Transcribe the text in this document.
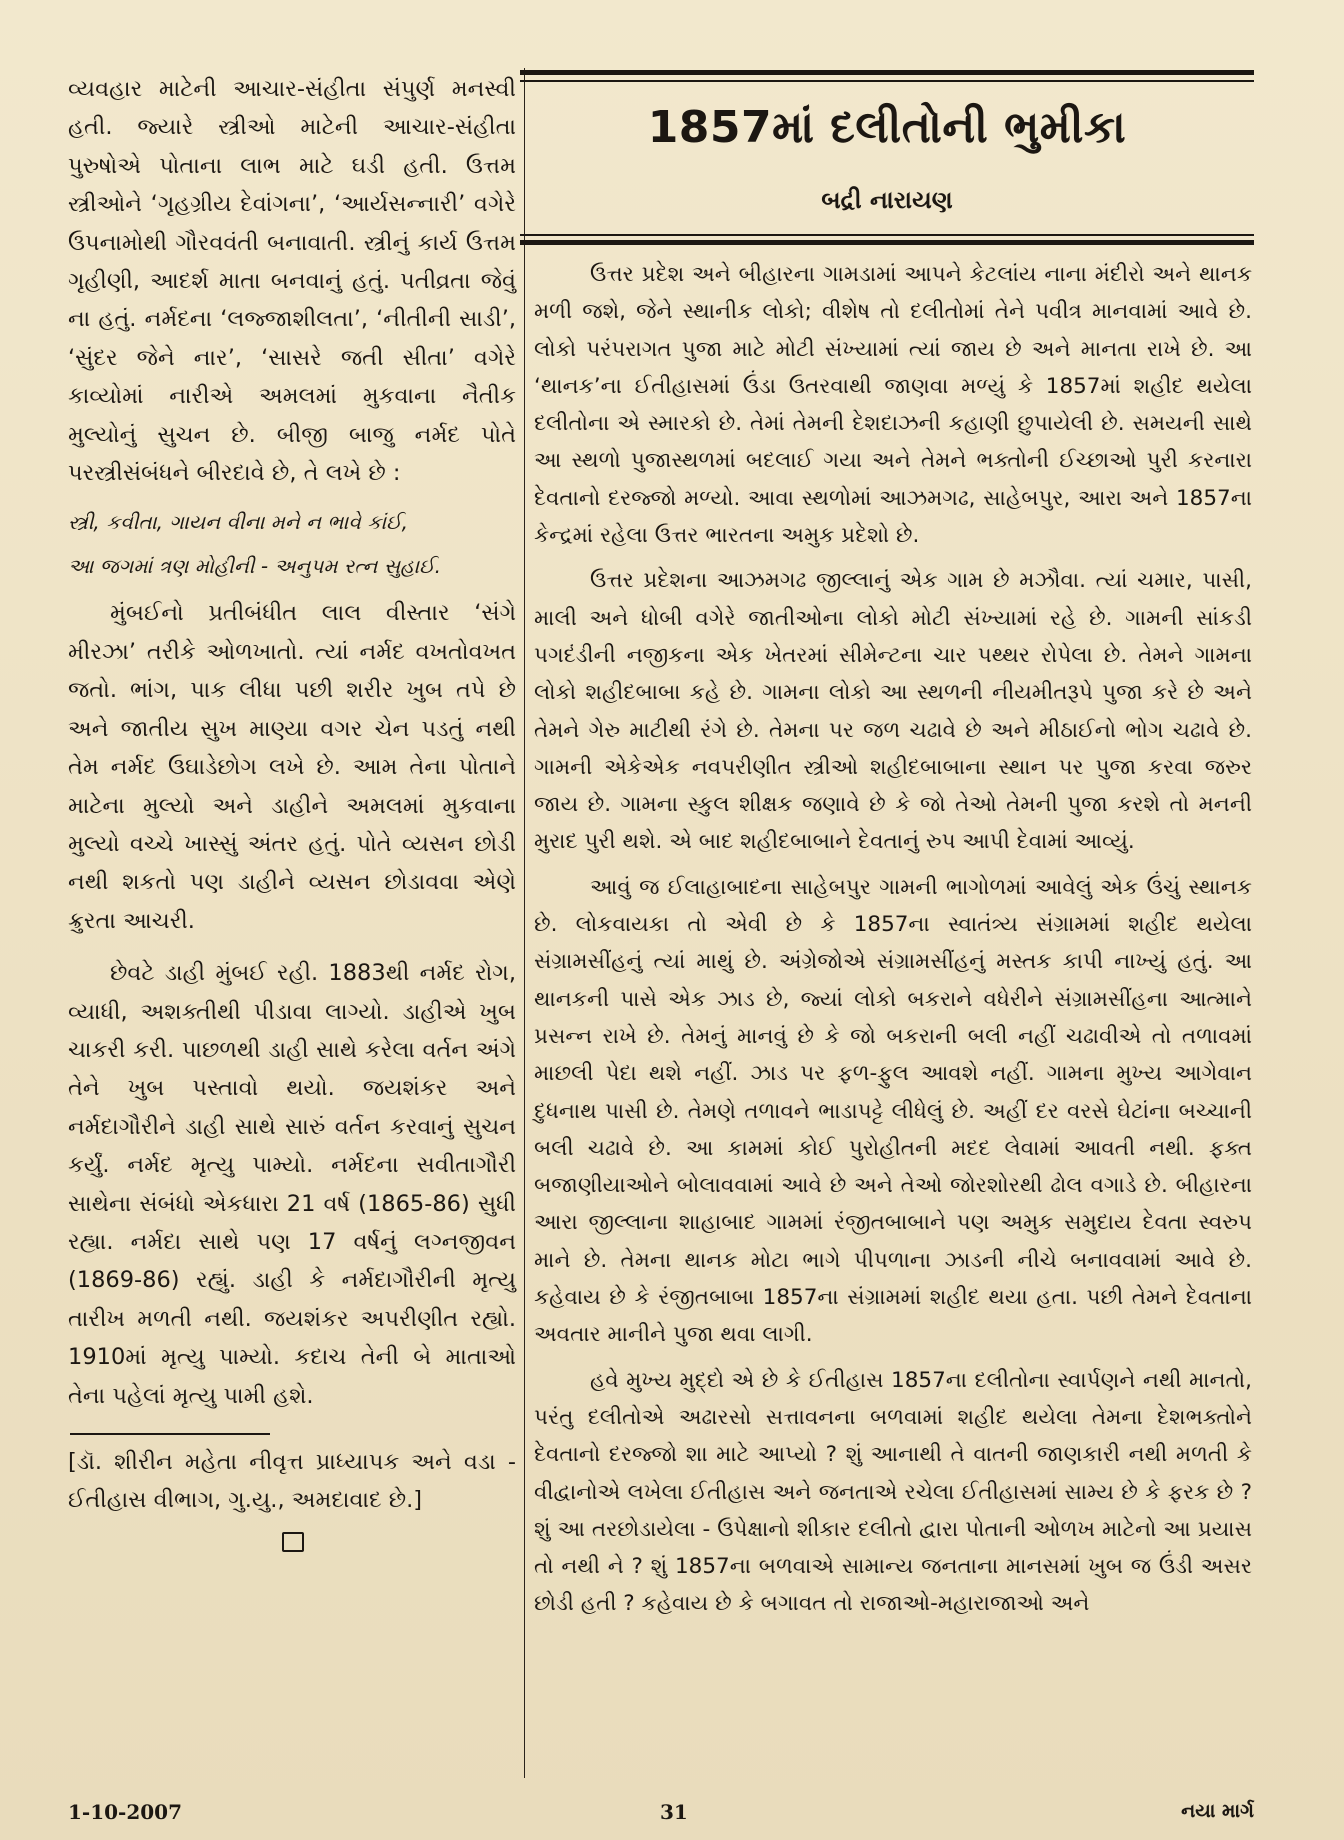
વ્યવહાર માટેની આચાર-સંહીતા સંપુર્ણ મનસ્વી હતી. જ્યારે સ્ત્રીઓ માટેની આચાર-સંહીતા પુરુષોએ પોતાના લાભ માટે ઘડી હતી. ઉત્તમ સ્ત્રીઓને ‘ગૃહગ્રીય દેવાંગના’, ‘આર્યસન્નારી’ વગેરે ઉપનામોથી ગૌરવવંતી બનાવાતી. સ્ત્રીનું કાર્ય ઉત્તમ ગૃહીણી, આદર્શ માતા બનવાનું હતું. પતીવ્રતા જેવું ના હતું. નર્મદના ‘લજ્જાશીલતા’, ‘નીતીની સાડી’, ‘સુંદર જેને નાર’, ‘સાસરે જતી સીતા’ વગેરે કાવ્યોમાં નારીએ અમલમાં મુકવાના નૈતીક મુલ્યોનું સુચન છે. બીજી બાજુ નર્મદ પોતે પરસ્ત્રીસંબંધને બીરદાવે છે, તે લખે છે :

સ્ત્રી, કવીતા, ગાયન વીના મને ન ભાવે કાંઈ,
આ જગમાં ત્રણ મોહીની - અનુપમ રત્ન સુહાઈ.

મુંબઈનો પ્રતીબંધીત લાલ વીસ્તાર ‘સંગે મીરઝા’ તરીકે ઓળખાતો. ત્યાં નર્મદ વખતોવખત જતો. ભાંગ, પાક લીધા પછી શરીર ખુબ તપે છે અને જાતીય સુખ માણ્યા વગર ચેન પડતું નથી તેમ નર્મદ ઉઘાડેછોગ લખે છે. આમ તેના પોતાને માટેના મુલ્યો અને ડાહીને અમલમાં મુકવાના મુલ્યો વચ્ચે ખાસ્સું અંતર હતું. પોતે વ્યસન છોડી નથી શકતો પણ ડાહીને વ્યસન છોડાવવા એણે ક્રુરતા આચરી.

છેવટે ડાહી મુંબઈ રહી. 1883થી નર્મદ રોગ, વ્યાધી, અશક્તીથી પીડાવા લાગ્યો. ડાહીએ ખુબ ચાકરી કરી. પાછળથી ડાહી સાથે કરેલા વર્તન અંગે તેને ખુબ પસ્તાવો થયો. જયશંકર અને નર્મદાગૌરીને ડાહી સાથે સારું વર્તન કરવાનું સુચન કર્યું. નર્મદ મૃત્યુ પામ્યો. નર્મદના સવીતાગૌરી સાથેના સંબંધો એકધારા 21 વર્ષ (1865-86) સુધી રહ્યા. નર્મદા સાથે પણ 17 વર્ષનું લગ્નજીવન (1869-86) રહ્યું. ડાહી કે નર્મદાગૌરીની મૃત્યુ તારીખ મળતી નથી. જયશંકર અપરીણીત રહ્યો. 1910માં મૃત્યુ પામ્યો. કદાચ તેની બે માતાઓ તેના પહેલાં મૃત્યુ પામી હશે.

[ડૉ. શીરીન મહેતા નીવૃત્ત પ્રાધ્યાપક અને વડા - ઈતીહાસ વીભાગ, ગુ.યુ., અમદાવાદ છે.]

1857માં દલીતોની ભુમીકા
બદ્રી નારાયણ

ઉત્તર પ્રદેશ અને બીહારના ગામડામાં આપને કેટલાંય નાના મંદીરો અને થાનક મળી જશે, જેને સ્થાનીક લોકો; વીશેષ તો દલીતોમાં તેને પવીત્ર માનવામાં આવે છે. લોકો પરંપરાગત પુજા માટે મોટી સંખ્યામાં ત્યાં જાય છે અને માનતા રાખે છે. આ ‘થાનક’ના ઈતીહાસમાં ઉંડા ઉતરવાથી જાણવા મળ્યું કે 1857માં શહીદ થયેલા દલીતોના એ સ્મારકો છે. તેમાં તેમની દેશદાઝની કહાણી છુપાયેલી છે. સમયની સાથે આ સ્થળો પુજાસ્થળમાં બદલાઈ ગયા અને તેમને ભક્તોની ઈચ્છાઓ પુરી કરનારા દેવતાનો દરજ્જો મળ્યો. આવા સ્થળોમાં આઝમગઢ, સાહેબપુર, આરા અને 1857ના કેન્દ્રમાં રહેલા ઉત્તર ભારતના અમુક પ્રદેશો છે.

ઉત્તર પ્રદેશના આઝમગઢ જીલ્લાનું એક ગામ છે મઝૌવા. ત્યાં ચમાર, પાસી, માલી અને ધોબી વગેરે જાતીઓના લોકો મોટી સંખ્યામાં રહે છે. ગામની સાંકડી પગદંડીની નજીકના એક ખેતરમાં સીમેન્ટના ચાર પથ્થર રોપેલા છે. તેમને ગામના લોકો શહીદબાબા કહે છે. ગામના લોકો આ સ્થળની નીયમીતરૂપે પુજા કરે છે અને તેમને ગેરુ માટીથી રંગે છે. તેમના પર જળ ચઢાવે છે અને મીઠાઈનો ભોગ ચઢાવે છે. ગામની એકેએક નવપરીણીત સ્ત્રીઓ શહીદબાબાના સ્થાન પર પુજા કરવા જરુર જાય છે. ગામના સ્કુલ શીક્ષક જણાવે છે કે જો તેઓ તેમની પુજા કરશે તો મનની મુરાદ પુરી થશે. એ બાદ શહીદબાબાને દેવતાનું રુપ આપી દેવામાં આવ્યું.

આવું જ ઈલાહાબાદના સાહેબપુર ગામની ભાગોળમાં આવેલું એક ઉંચું સ્થાનક છે. લોકવાયકા તો એવી છે કે 1857ના સ્વાતંત્ર્ય સંગ્રામમાં શહીદ થયેલા સંગ્રામસીંહનું ત્યાં માથું છે. અંગ્રેજોએ સંગ્રામસીંહનું મસ્તક કાપી નાખ્યું હતું. આ થાનકની પાસે એક ઝાડ છે, જ્યાં લોકો બકરાને વધેરીને સંગ્રામસીંહના આત્માને પ્રસન્ન રાખે છે. તેમનું માનવું છે કે જો બકરાની બલી નહીં ચઢાવીએ તો તળાવમાં માછલી પેદા થશે નહીં. ઝાડ પર ફળ-ફુલ આવશે નહીં. ગામના મુખ્ય આગેવાન દુધનાથ પાસી છે. તેમણે તળાવને ભાડાપટ્ટે લીધેલું છે. અહીં દર વરસે ઘેટાંના બચ્ચાની બલી ચઢાવે છે. આ કામમાં કોઈ પુરોહીતની મદદ લેવામાં આવતી નથી. ફક્ત બજાણીયાઓને બોલાવવામાં આવે છે અને તેઓ જોરશોરથી ઢોલ વગાડે છે. બીહારના આરા જીલ્લાના શાહાબાદ ગામમાં રંજીતબાબાને પણ અમુક સમુદાય દેવતા સ્વરુપ માને છે. તેમના થાનક મોટા ભાગે પીપળાના ઝાડની નીચે બનાવવામાં આવે છે. કહેવાય છે કે રંજીતબાબા 1857ના સંગ્રામમાં શહીદ થયા હતા. પછી તેમને દેવતાના અવતાર માનીને પુજા થવા લાગી.

હવે મુખ્ય મુદ્દો એ છે કે ઈતીહાસ 1857ના દલીતોના સ્વાર્પણને નથી માનતો, પરંતુ દલીતોએ અઢારસો સત્તાવનના બળવામાં શહીદ થયેલા તેમના દેશભક્તોને દેવતાનો દરજ્જો શા માટે આપ્યો ? શું આનાથી તે વાતની જાણકારી નથી મળતી કે વીદ્વાનોએ લખેલા ઈતીહાસ અને જનતાએ રચેલા ઈતીહાસમાં સામ્ય છે કે ફરક છે ? શું આ તરછોડાયેલા - ઉપેક્ષાનો શીકાર દલીતો દ્વારા પોતાની ઓળખ માટેનો આ પ્રયાસ તો નથી ને ? શું 1857ના બળવાએ સામાન્ય જનતાના માનસમાં ખુબ જ ઉંડી અસર છોડી હતી ? કહેવાય છે કે બગાવત તો રાજાઓ-મહારાજાઓ અને

1-10-2007	31	નયા માર્ગ
